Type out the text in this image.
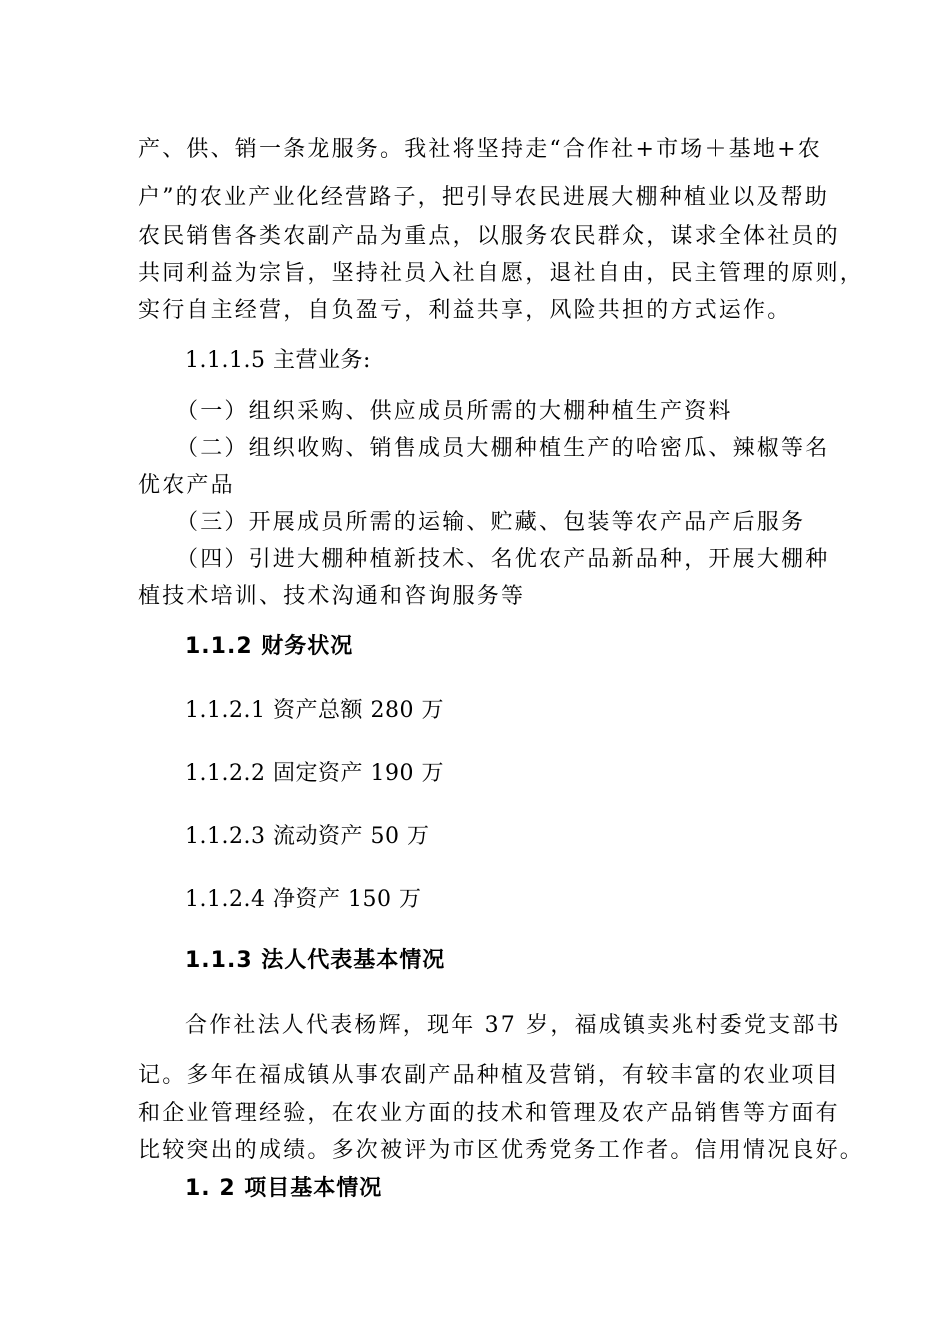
产、供、销一条龙服务。我社将坚持走“合作社+市场＋基地+农
户”的农业产业化经营路子，把引导农民进展大棚种植业以及帮助
农民销售各类农副产品为重点，以服务农民群众，谋求全体社员的
共同利益为宗旨，坚持社员入社自愿，退社自由，民主管理的原则，
实行自主经营，自负盈亏，利益共享，风险共担的方式运作。
1.1.1.5 主营业务:
（一）组织采购、供应成员所需的大棚种植生产资料
（二）组织收购、销售成员大棚种植生产的哈密瓜、辣椒等名
优农产品
（三）开展成员所需的运输、贮藏、包装等农产品产后服务
（四）引进大棚种植新技术、名优农产品新品种，开展大棚种
植技术培训、技术沟通和咨询服务等
1.1.2 财务状况
1.1.2.1 资产总额 280 万
1.1.2.2 固定资产 190 万
1.1.2.3 流动资产 50 万
1.1.2.4 净资产 150 万
1.1.3 法人代表基本情况
合作社法人代表杨辉，现年 37 岁，福成镇卖兆村委党支部书
记。多年在福成镇从事农副产品种植及营销，有较丰富的农业项目
和企业管理经验，在农业方面的技术和管理及农产品销售等方面有
比较突出的成绩。多次被评为市区优秀党务工作者。信用情况良好。
1. 2 项目基本情况
